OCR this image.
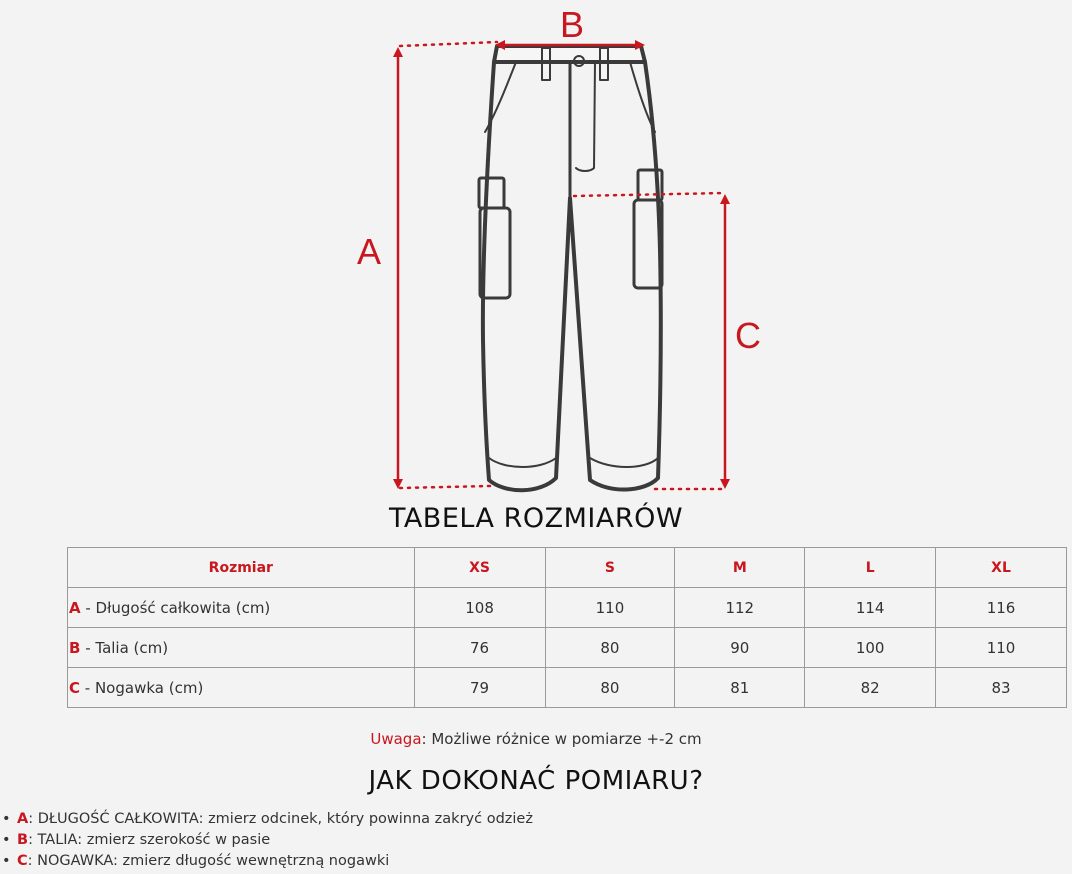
A
B
C
TABELA ROZMIARÓW
Rozmiar	XS	S	M	L	XL
A - Długość całkowita (cm)	108	110	112	114	116
B - Talia (cm)	76	80	90	100	110
C - Nogawka (cm)	79	80	81	82	83
Uwaga: Możliwe różnice w pomiarze +-2 cm
JAK DOKONAĆ POMIARU?
• A: DŁUGOŚĆ CAŁKOWITA: zmierz odcinek, który powinna zakryć odzież
• B: TALIA: zmierz szerokość w pasie
• C: NOGAWKA: zmierz długość wewnętrzną nogawki
